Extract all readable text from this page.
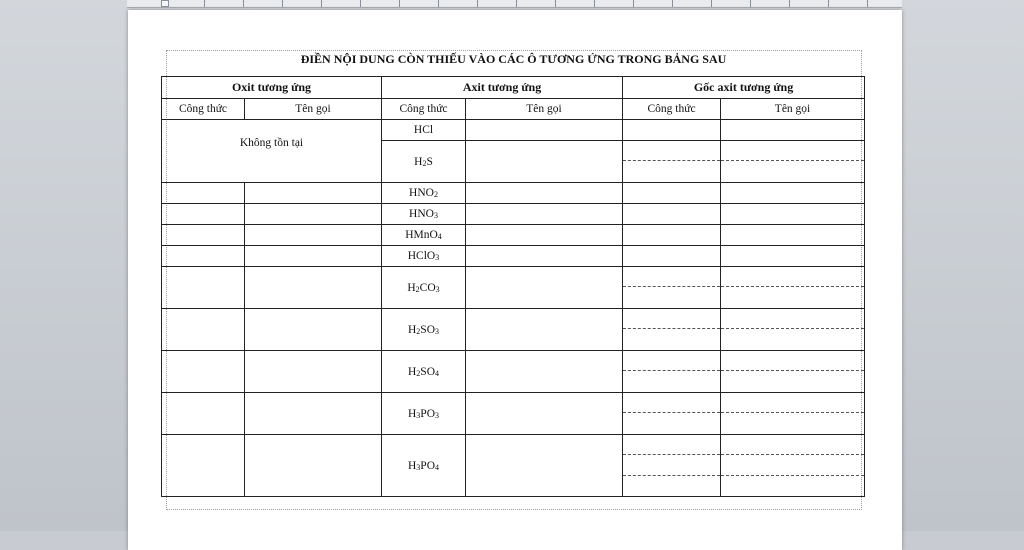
ĐIỀN NỘI DUNG CÒN THIẾU VÀO CÁC Ô TƯƠNG ỨNG TRONG BẢNG SAU
Oxit tương ứng		Axit tương ứng		Gốc axit tương ứng	
Công thức	Tên gọi	Công thức	Tên gọi	Công thức	Tên gọi

Không tồn tại		HCl			
		$H_2S$		

		$HNO_2$			
		$HNO_3$			
		HMnO$_4$			
		HClO$_3$			
		$H_2CO_3$		

		$H_2SO_3$		

		$H_2SO_4$		

		$H_3PO_3$		

		$H_3PO_4$		
